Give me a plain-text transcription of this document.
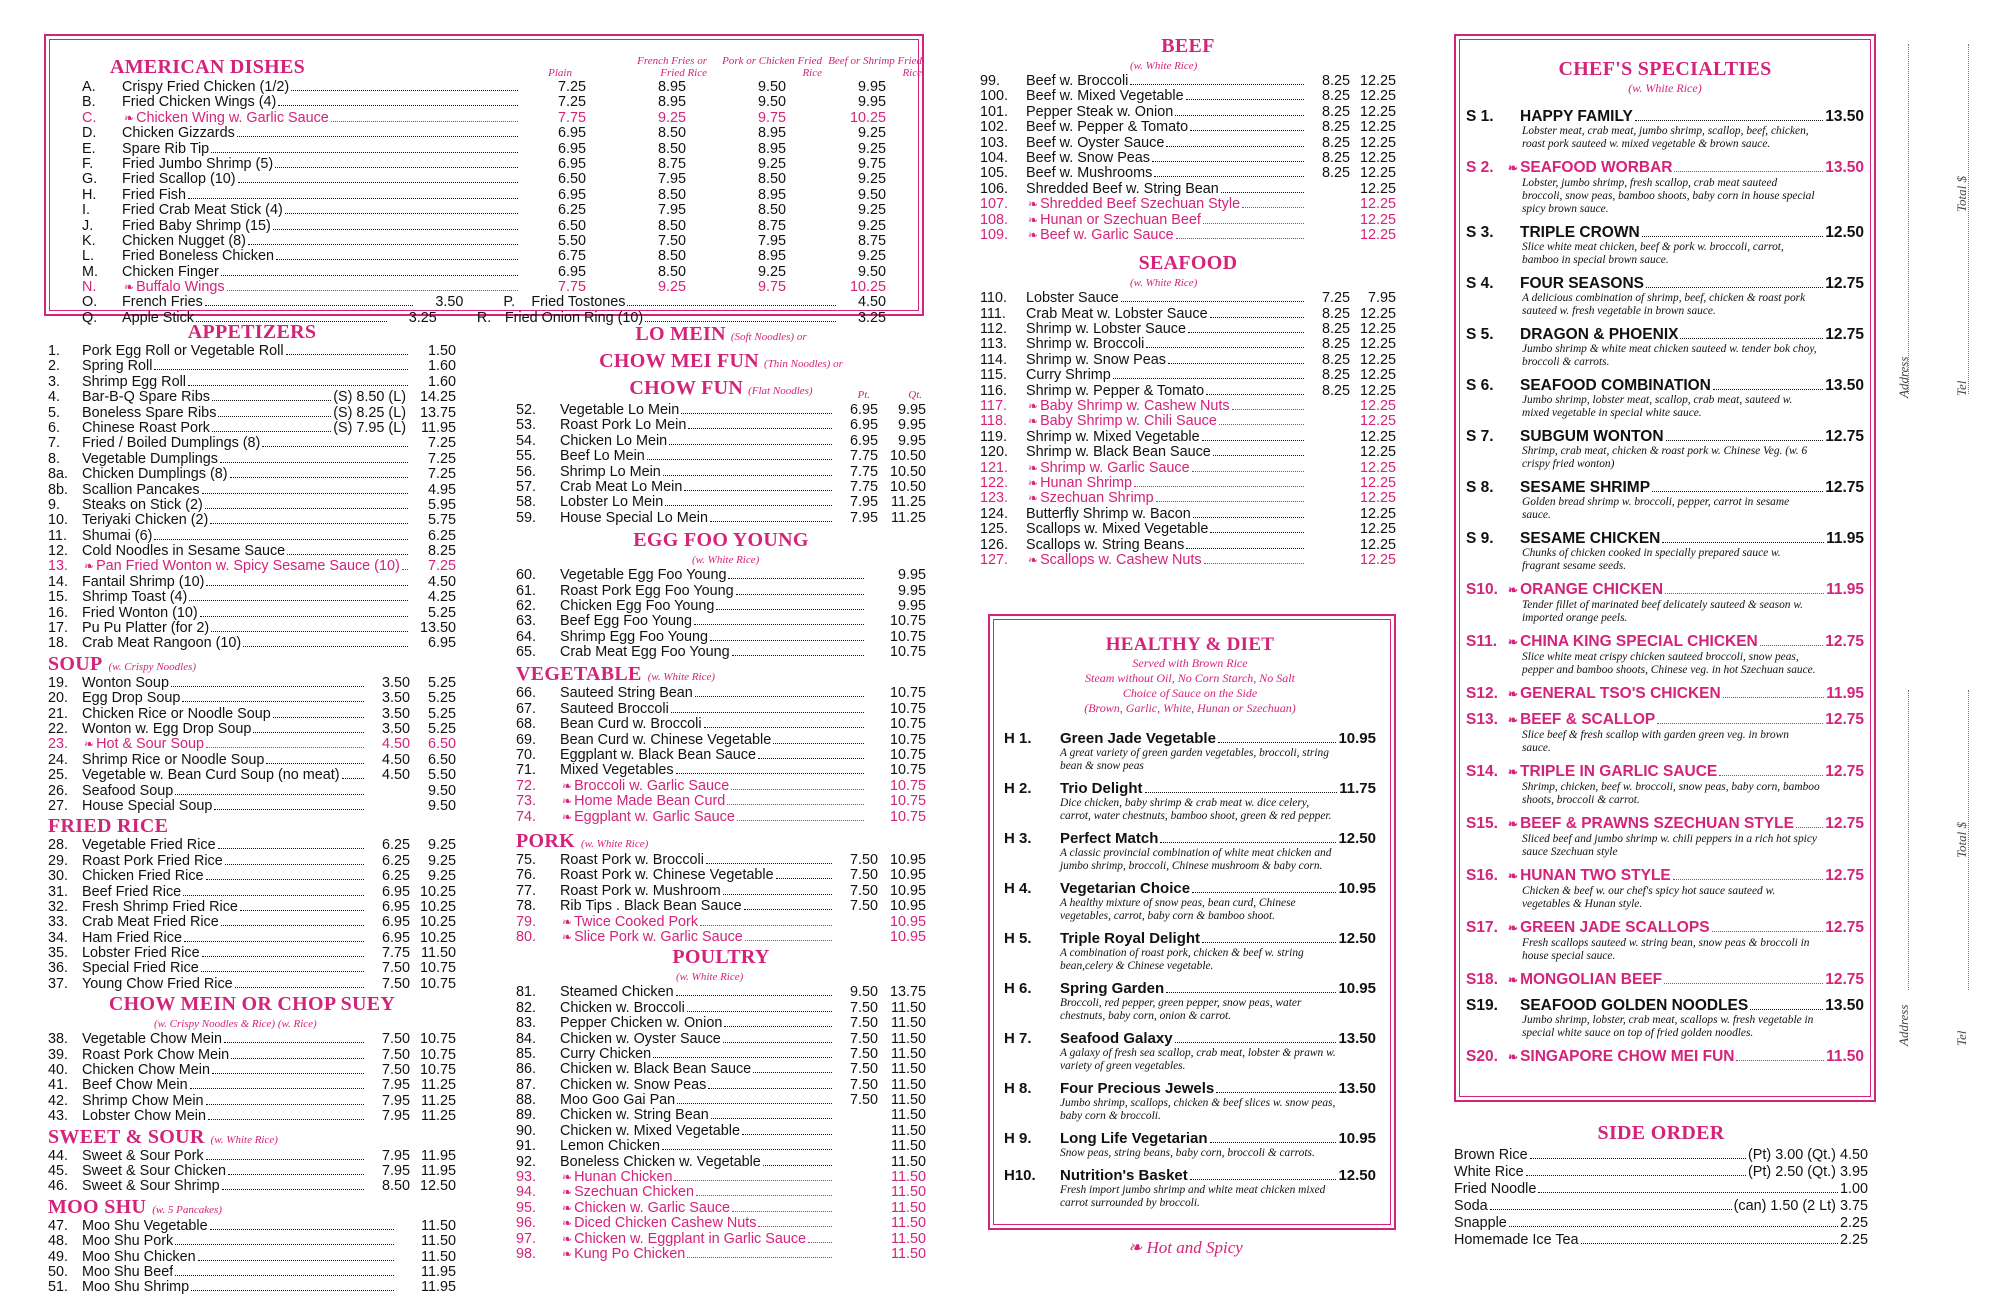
AMERICAN DISHES	Plain
French Fries or Fried Rice
Pork or Chicken Fried Rice
Beef or Shrimp Fried Rice
A.	Crispy Fried Chicken (1/2)	7.25	8.95	9.50	9.95
B.	Fried Chicken Wings (4)	7.25	8.95	9.50	9.95
C.	❧ Chicken Wing w. Garlic Sauce	7.75	9.25	9.75	10.25
D.	Chicken Gizzards	6.95	8.50	8.95	9.25
E.	Spare Rib Tip	6.95	8.50	8.95	9.25
F.	Fried Jumbo Shrimp (5)	6.95	8.75	9.25	9.75
G.	Fried Scallop (10)	6.50	7.95	8.50	9.25
H.	Fried Fish	6.95	8.50	8.95	9.50
I.	Fried Crab Meat Stick (4)	6.25	7.95	8.50	9.25
J.	Fried Baby Shrimp (15)	6.50	8.50	8.75	9.25
K.	Chicken Nugget (8)	5.50	7.50	7.95	8.75
L.	Fried Boneless Chicken	6.75	8.50	8.95	9.25
M.	Chicken Finger	6.95	8.50	9.25	9.50
N.	❧ Buffalo Wings	7.75	9.25	9.75	10.25
O.	French Fries	3.50	P.	Fried Tostones	4.50
Q.	Apple Stick	3.25	R. Fried Onion Ring (10)	3.25
APPETIZERS
1.	Pork Egg Roll or Vegetable Roll	1.50
2.	Spring Roll	1.60
3.	Shrimp Egg Roll	1.60
4.	Bar-B-Q Spare Ribs	(S) 8.50 (L) 14.25
5.	Boneless Spare Ribs	(S) 8.25 (L) 13.75
6.	Chinese Roast Pork	(S) 7.95 (L)	11.95
7.	Fried / Boiled Dumplings (8)	7.25
8.	Vegetable Dumplings	7.25
8a. Chicken Dumplings (8)	7.25
8b. Scallion Pancakes	4.95
9.	Steaks on Stick (2)	5.95
10. Teriyaki Chicken (2)	5.75
11.	Shumai (6)	6.25
12. Cold Noodles in Sesame Sauce	8.25
13.	❧ Pan Fried Wonton w. Spicy Sesame Sauce (10)	7.25
14. Fantail Shrimp (10)	4.50
15. Shrimp Toast (4)	4.25
16. Fried Wonton (10)	5.25
17. Pu Pu Platter (for 2)	13.50
18. Crab Meat Rangoon (10)	6.95
SOUP (w. Crispy Noodles)
19. Wonton Soup	3.50	5.25
20. Egg Drop Soup	3.50	5.25
21. Chicken Rice or Noodle Soup	3.50	5.25
22. Wonton w. Egg Drop Soup	3.50	5.25
23.	❧ Hot & Sour Soup	4.50	6.50
24. Shrimp Rice or Noodle Soup	4.50	6.50
25. Vegetable w. Bean Curd Soup (no meat)	4.50	5.50
26. Seafood Soup	9.50
27. House Special Soup	9.50
FRIED RICE
28. Vegetable Fried Rice	6.25	9.25
29. Roast Pork Fried Rice	6.25	9.25
30. Chicken Fried Rice	6.25	9.25
31. Beef Fried Rice	6.95 10.25
32. Fresh Shrimp Fried Rice	6.95 10.25
33. Crab Meat Fried Rice	6.95 10.25
34. Ham Fried Rice	6.95 10.25
35. Lobster Fried Rice	7.75 11.50
36. Special Fried Rice	7.50 10.75
37. Young Chow Fried Rice	7.50 10.75
CHOW MEIN OR CHOP SUEY
(w. Crispy Noodles & Rice) (w. Rice)
38. Vegetable Chow Mein	7.50 10.75
39. Roast Pork Chow Mein	7.50 10.75
40. Chicken Chow Mein	7.50 10.75
41. Beef Chow Mein	7.95 11.25
42. Shrimp Chow Mein	7.95 11.25
43. Lobster Chow Mein	7.95 11.25
SWEET & SOUR (w. White Rice)
44. Sweet & Sour Pork	7.95 11.95
45. Sweet & Sour Chicken	7.95 11.95
46. Sweet & Sour Shrimp	8.50 12.50
MOO SHU (w. 5 Pancakes)
47. Moo Shu Vegetable	11.50
48. Moo Shu Pork	11.50
49. Moo Shu Chicken	11.50
50. Moo Shu Beef	11.95
51. Moo Shu Shrimp	11.95
LO MEIN (Soft Noodles) or
CHOW MEI FUN (Thin Noodles) or
CHOW FUN (Flat Noodles)	Pt.	Qt.
52.	Vegetable Lo Mein	6.95	9.95
53.	Roast Pork Lo Mein	6.95	9.95
54.	Chicken Lo Mein	6.95	9.95
55.	Beef Lo Mein	7.75 10.50
56.	Shrimp Lo Mein	7.75 10.50
57.	Crab Meat Lo Mein	7.75 10.50
58.	Lobster Lo Mein	7.95 11.25
59.	House Special Lo Mein	7.95 11.25
EGG FOO YOUNG
(w. White Rice)
60.	Vegetable Egg Foo Young	9.95
61.	Roast Pork Egg Foo Young	9.95
62.	Chicken Egg Foo Young	9.95
63.	Beef Egg Foo Young	10.75
64.	Shrimp Egg Foo Young	10.75
65.	Crab Meat Egg Foo Young	10.75
VEGETABLE (w. White Rice)
66.	Sauteed String Bean	10.75
67.	Sauteed Broccoli	10.75
68.	Bean Curd w. Broccoli	10.75
69.	Bean Curd w. Chinese Vegetable	10.75
70.	Eggplant w. Black Bean Sauce	10.75
71.	Mixed Vegetables	10.75
72.	❧ Broccoli w. Garlic Sauce	10.75
73.	❧ Home Made Bean Curd	10.75
74.	❧ Eggplant w. Garlic Sauce	10.75
PORK (w. White Rice)
75.	Roast Pork w. Broccoli	7.50 10.95
76.	Roast Pork w. Chinese Vegetable	7.50 10.95
77.	Roast Pork w. Mushroom	7.50 10.95
78.	Rib Tips . Black Bean Sauce	7.50 10.95
79.	❧ Twice Cooked Pork	10.95
80.	❧ Slice Pork w. Garlic Sauce	10.95
POULTRY
(w. White Rice)
81.	Steamed Chicken	9.50 13.75
82.	Chicken w. Broccoli	7.50 11.50
83.	Pepper Chicken w. Onion	7.50 11.50
84.	Chicken w. Oyster Sauce	7.50 11.50
85.	Curry Chicken	7.50 11.50
86.	Chicken w. Black Bean Sauce	7.50 11.50
87.	Chicken w. Snow Peas	7.50 11.50
88.	Moo Goo Gai Pan	7.50 11.50
89.	Chicken w. String Bean	11.50
90.	Chicken w. Mixed Vegetable	11.50
91.	Lemon Chicken	11.50
92.	Boneless Chicken w. Vegetable	11.50
93.	❧ Hunan Chicken	11.50
94.	❧ Szechuan Chicken	11.50
95.	❧ Chicken w. Garlic Sauce	11.50
96.	❧ Diced Chicken Cashew Nuts	11.50
97.	❧ Chicken w. Eggplant in Garlic Sauce	11.50
98.	❧ Kung Po Chicken	11.50
BEEF
(w. White Rice)
99.	Beef w. Broccoli	8.25 12.25
100.	Beef w. Mixed Vegetable	8.25 12.25
101.	Pepper Steak w. Onion	8.25 12.25
102.	Beef w. Pepper & Tomato	8.25 12.25
103.	Beef w. Oyster Sauce	8.25 12.25
104.	Beef w. Snow Peas	8.25 12.25
105.	Beef w. Mushrooms	8.25 12.25
106.	Shredded Beef w. String Bean	12.25
107.	❧ Shredded Beef Szechuan Style	12.25
108.	❧ Hunan or Szechuan Beef	12.25
109.	❧ Beef w. Garlic Sauce	12.25
SEAFOOD
(w. White Rice)
110.	Lobster Sauce	7.25	7.95
111.	Crab Meat w. Lobster Sauce	8.25 12.25
112.	Shrimp w. Lobster Sauce	8.25 12.25
113.	Shrimp w. Broccoli	8.25 12.25
114.	Shrimp w. Snow Peas	8.25 12.25
115.	Curry Shrimp	8.25 12.25
116.	Shrimp w. Pepper & Tomato	8.25 12.25
117.	❧ Baby Shrimp w. Cashew Nuts	12.25
118.	❧ Baby Shrimp w. Chili Sauce	12.25
119.	Shrimp w. Mixed Vegetable	12.25
120.	Shrimp w. Black Bean Sauce	12.25
121.	❧ Shrimp w. Garlic Sauce	12.25
122.	❧ Hunan Shrimp	12.25
123.	❧ Szechuan Shrimp	12.25
124.	Butterfly Shrimp w. Bacon	12.25
125.	Scallops w. Mixed Vegetable	12.25
126.	Scallops w. String Beans	12.25
127.	❧ Scallops w. Cashew Nuts	12.25
HEALTHY & DIET
Served with Brown Rice
Steam without Oil, No Corn Starch, No Salt
Choice of Sauce on the Side
(Brown, Garlic, White, Hunan or Szechuan)
H 1.	Green Jade Vegetable	10.95
A great variety of green garden vegetables, broccoli, string bean & snow peas
H 2.	Trio Delight	11.75
Dice chicken, baby shrimp & crab meat w. dice celery, carrot, water chestnuts, bamboo shoot, green & red pepper.
H 3.	Perfect Match	12.50
A classic provincial combination of white meat chicken and jumbo shrimp, broccoli, Chinese mushroom & baby corn.
H 4.	Vegetarian Choice	10.95
A healthy mixture of snow peas, bean curd, Chinese vegetables, carrot, baby corn & bamboo shoot.
H 5.	Triple Royal Delight	12.50
A combination of roast pork, chicken & beef w. string bean,celery & Chinese vegetable.
H 6.	Spring Garden	10.95
Broccoli, red pepper, green pepper, snow peas, water chestnuts, baby corn, onion & carrot.
H 7.	Seafood Galaxy	13.50
A galaxy of fresh sea scallop, crab meat, lobster & prawn w. variety of green vegetables.
H 8.	Four Precious Jewels	13.50
Jumbo shrimp, scallops, chicken & beef slices w. snow peas, baby corn & broccoli.
H 9.	Long Life Vegetarian	10.95
Snow peas, string beans, baby corn, broccoli & carrots.
H10.	Nutrition's Basket	12.50
Fresh import jumbo shrimp and white meat chicken mixed carrot surrounded by broccoli.
❧ Hot and Spicy
CHEF'S SPECIALTIES
(w. White Rice)
S 1.	HAPPY FAMILY	13.50
Lobster meat, crab meat, jumbo shrimp, scallop, beef, chicken, roast pork sauteed w. mixed vegetable & brown sauce.
S 2.	❧ SEAFOOD WORBAR	13.50
Lobster, jumbo shrimp, fresh scallop, crab meat sauteed broccoli, snow peas, bamboo shoots, baby corn in house special spicy brown sauce.
S 3.	TRIPLE CROWN	12.50
Slice white meat chicken, beef & pork w. broccoli, carrot, bamboo in special brown sauce.
S 4.	FOUR SEASONS	12.75
A delicious combination of shrimp, beef, chicken & roast pork sauteed w. fresh vegetable in brown sauce.
S 5.	DRAGON & PHOENIX	12.75
Jumbo shrimp & white meat chicken sauteed w. tender bok choy, broccoli & carrots.
S 6.	SEAFOOD COMBINATION	13.50
Jumbo shrimp, lobster meat, scallop, crab meat, sauteed w. mixed vegetable in special white sauce.
S 7.	SUBGUM WONTON	12.75
Shrimp, crab meat, chicken & roast pork w. Chinese Veg. (w. 6 crispy fried wonton)
S 8.	SESAME SHRIMP	12.75
Golden bread shrimp w. broccoli, pepper, carrot in sesame sauce.
S 9.	SESAME CHICKEN	11.95
Chunks of chicken cooked in specially prepared sauce w. fragrant sesame seeds.
S10. ❧ ORANGE CHICKEN	11.95
Tender fillet of marinated beef delicately sauteed & season w. imported orange peels.
S11. ❧ CHINA KING SPECIAL CHICKEN	12.75
Slice white meat crispy chicken sauteed broccoli, snow peas, pepper and bamboo shoots, Chinese veg. in hot Szechuan sauce.
S12. ❧ GENERAL TSO'S CHICKEN	11.95
S13. ❧ BEEF & SCALLOP	12.75
Slice beef & fresh scallop with garden green veg. in brown sauce.
S14. ❧ TRIPLE IN GARLIC SAUCE	12.75
Shrimp, chicken, beef w. broccoli, snow peas, baby corn, bamboo shoots, broccoli & carrot.
S15. ❧ BEEF & PRAWNS SZECHUAN STYLE 12.75
Sliced beef and jumbo shrimp w. chili peppers in a rich hot spicy sauce Szechuan style
S16. ❧ HUNAN TWO STYLE	12.75
Chicken & beef w. our chef's spicy hot sauce sauteed w. vegetables & Hunan style.
S17. ❧ GREEN JADE SCALLOPS	12.75
Fresh scallops sauteed w. string bean, snow peas & broccoli in house special sauce.
S18. ❧ MONGOLIAN BEEF	12.75
S19.	SEAFOOD GOLDEN NOODLES	13.50
Jumbo shrimp, lobster, crab meat, scallops w. fresh vegetable in special white sauce on top of fried golden noodles.
S20. ❧ SINGAPORE CHOW MEI FUN	11.50
SIDE ORDER
Brown Rice	(Pt) 3.00 (Qt.) 4.50
White Rice	(Pt) 2.50 (Qt.) 3.95
Fried Noodle	1.00
Soda	(can) 1.50 (2 Lt) 3.75
Snapple	2.25
Homemade Ice Tea	2.25
Address	Tel
Total $
Address	Tel
Total $
